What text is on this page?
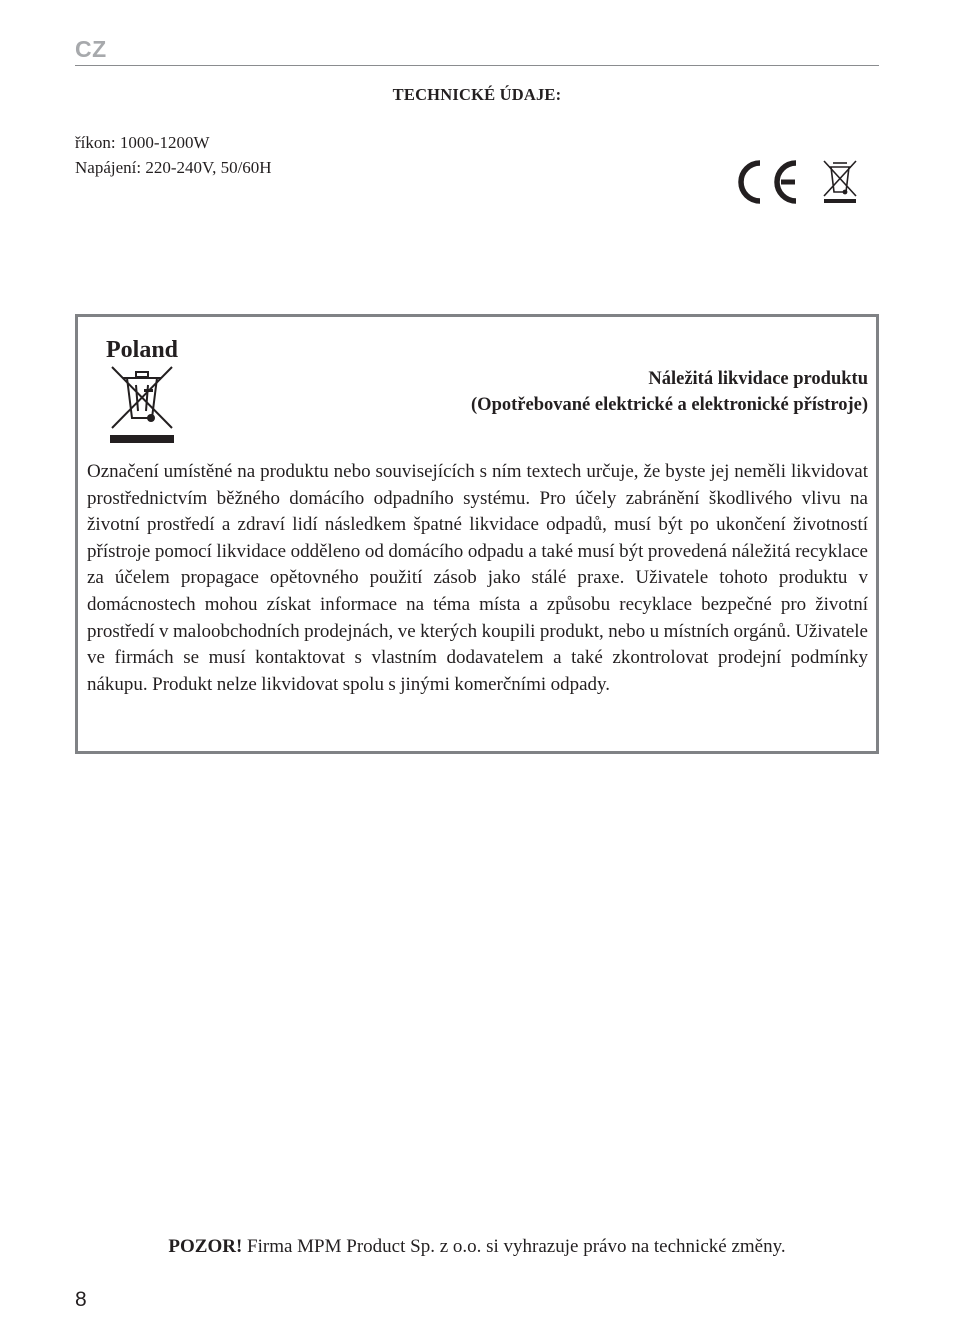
CZ
TECHNICKÉ ÚDAJE:
říkon: 1000-1200W
Napájení: 220-240V, 50/60H
Poland
Náležitá likvidace produktu
(Opotřebované elektrické a elektronické přístroje)

Označení umístěné na produktu nebo souvisejících s ním textech určuje, že byste jej neměli likvidovat prostřednictvím běžného domácího odpadního systému. Pro účely zabránění škodlivého vlivu na životní prostředí a zdraví lidí následkem špatné likvidace odpadů, musí být po ukončení životností přístroje pomocí likvidace odděleno od domácího odpadu a také musí být provedená náležitá recyklace za účelem propagace opětovného použití zásob jako stálé praxe. Uživatele tohoto produktu v domácnostech mohou získat informace na téma místa a způsobu recyklace bezpečné pro životní prostředí v maloobchodních prodejnách, ve kterých koupili produkt, nebo u místních orgánů. Uživatele ve firmách se musí kontaktovat s vlastním dodavatelem a také zkontrolovat prodejní podmínky nákupu. Produkt nelze likvidovat spolu s jinými komerčními odpady.

POZOR! Firma MPM Product Sp. z o.o. si vyhrazuje právo na technické změny.
8
